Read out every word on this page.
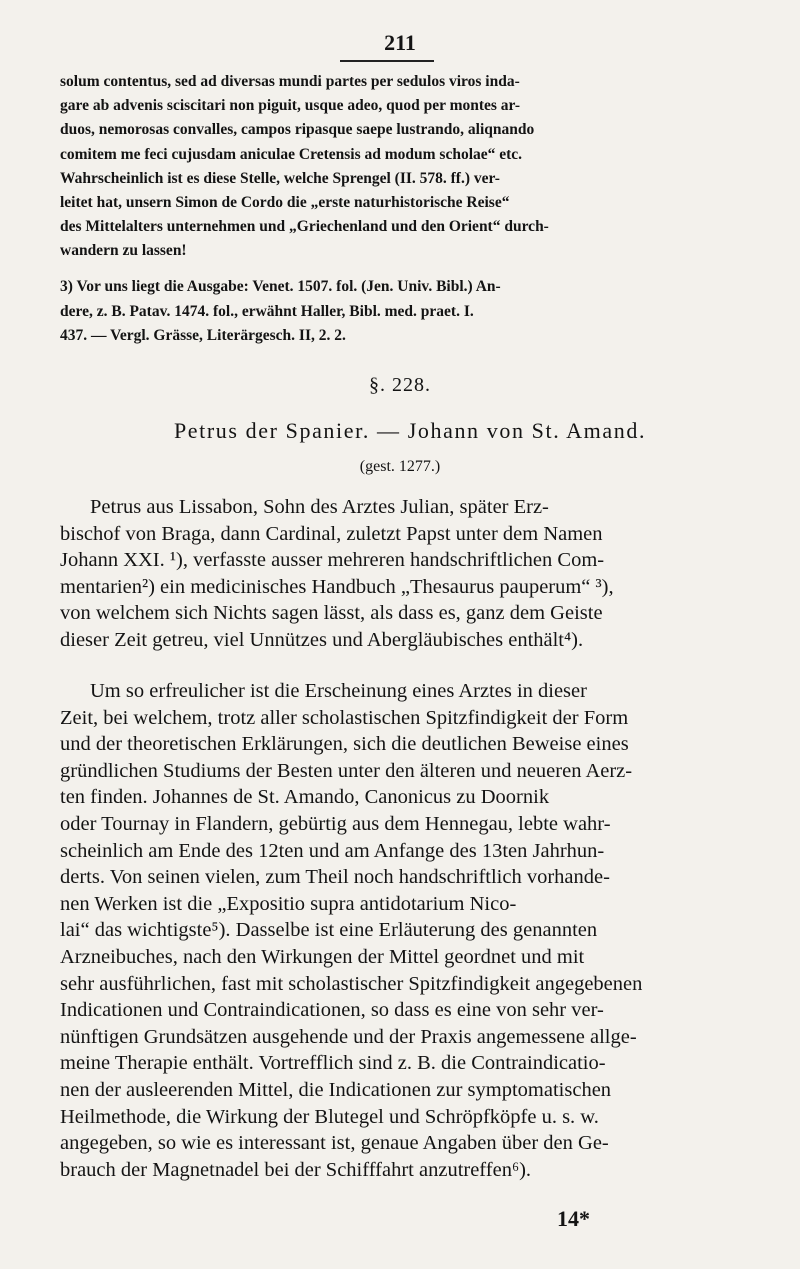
211
solum contentus, sed ad diversas mundi partes per sedulos viros inda-
gare ab advenis sciscitari non piguit, usque adeo, quod per montes ar-
duos, nemorosas convalles, campos ripasque saepe lustrando, aliqnando
comitem me feci cujusdam aniculae Cretensis ad modum scholae“ etc.
Wahrscheinlich ist es diese Stelle, welche Sprengel (II. 578. ff.) ver-
leitet hat, unsern Simon de Cordo die „erste naturhistorische Reise“
des Mittelalters unternehmen und „Griechenland und den Orient“ durch-
wandern zu lassen!
3) Vor uns liegt die Ausgabe: Venet. 1507. fol. (Jen. Univ. Bibl.) An-
dere, z. B. Patav. 1474. fol., erwähnt Haller, Bibl. med. praet. I.
437. — Vergl. Grässe, Literärgesch. II, 2. 2.
§. 228.
Petrus der Spanier. — Johann von St. Amand.
(gest. 1277.)
Petrus aus Lissabon, Sohn des Arztes Julian, später Erz-
bischof von Braga, dann Cardinal, zuletzt Papst unter dem Namen
Johann XXI. ¹), verfasste ausser mehreren handschriftlichen Com-
mentarien²) ein medicinisches Handbuch „Thesaurus pauperum“ ³),
von welchem sich Nichts sagen lässt, als dass es, ganz dem Geiste
dieser Zeit getreu, viel Unnützes und Abergläubisches enthält⁴).
Um so erfreulicher ist die Erscheinung eines Arztes in dieser
Zeit, bei welchem, trotz aller scholastischen Spitzfindigkeit der Form
und der theoretischen Erklärungen, sich die deutlichen Beweise eines
gründlichen Studiums der Besten unter den älteren und neueren Aerz-
ten finden. Johannes de St. Amando, Canonicus zu Doornik
oder Tournay in Flandern, gebürtig aus dem Hennegau, lebte wahr-
scheinlich am Ende des 12ten und am Anfange des 13ten Jahrhun-
derts. Von seinen vielen, zum Theil noch handschriftlich vorhande-
nen Werken ist die „Expositio supra antidotarium Nico-
lai“ das wichtigste⁵). Dasselbe ist eine Erläuterung des genannten
Arzneibuches, nach den Wirkungen der Mittel geordnet und mit
sehr ausführlichen, fast mit scholastischer Spitzfindigkeit angegebenen
Indicationen und Contraindicationen, so dass es eine von sehr ver-
nünftigen Grundsätzen ausgehende und der Praxis angemessene allge-
meine Therapie enthält. Vortrefflich sind z. B. die Contraindicatio-
nen der ausleerenden Mittel, die Indicationen zur symptomatischen
Heilmethode, die Wirkung der Blutegel und Schröpfköpfe u. s. w.
angegeben, so wie es interessant ist, genaue Angaben über den Ge-
brauch der Magnetnadel bei der Schifffahrt anzutreffen⁶).
14*
